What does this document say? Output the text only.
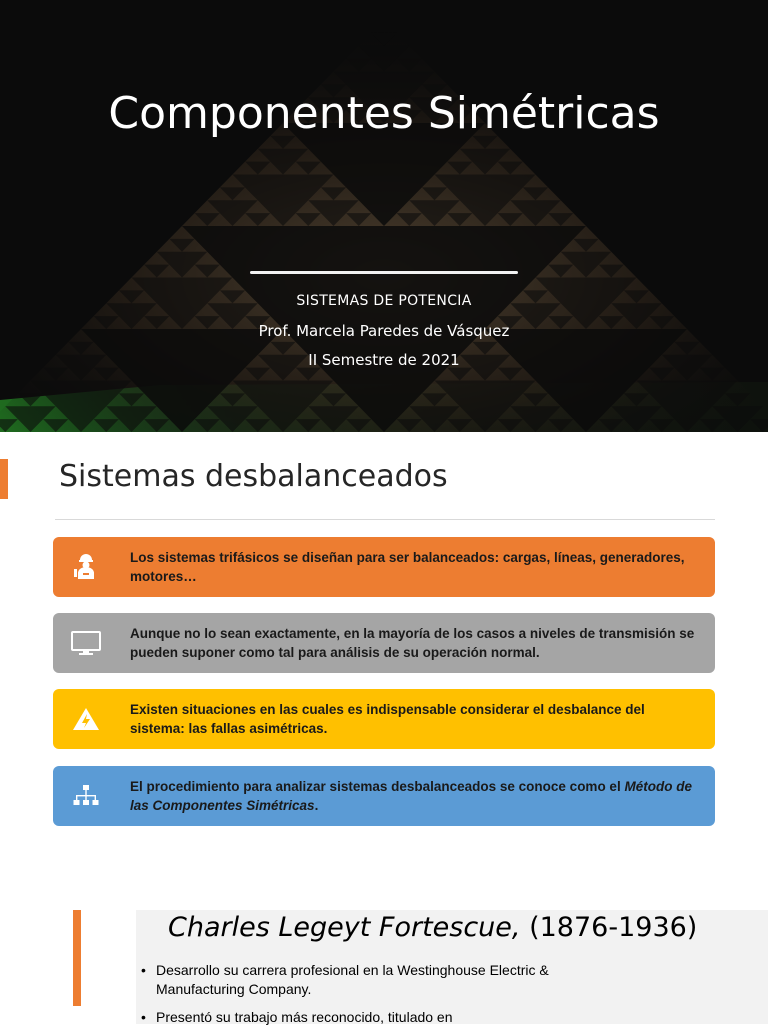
Componentes Simétricas
SISTEMAS DE POTENCIA
Prof. Marcela Paredes de Vásquez
II Semestre de 2021
Sistemas desbalanceados
Los sistemas trifásicos se diseñan para ser balanceados: cargas, líneas, generadores, motores…
Aunque no lo sean exactamente, en la mayoría de los casos a niveles de transmisión se pueden suponer como tal para análisis de su operación normal.
Existen situaciones en las cuales es indispensable considerar el desbalance del sistema: las fallas asimétricas.
El procedimiento para analizar sistemas desbalanceados se conoce como el Método de las Componentes Simétricas.
Charles Legeyt Fortescue, (1876-1936)
• Desarrollo su carrera profesional en la Westinghouse Electric & Manufacturing Company.
• Presentó su trabajo más reconocido, titulado en
